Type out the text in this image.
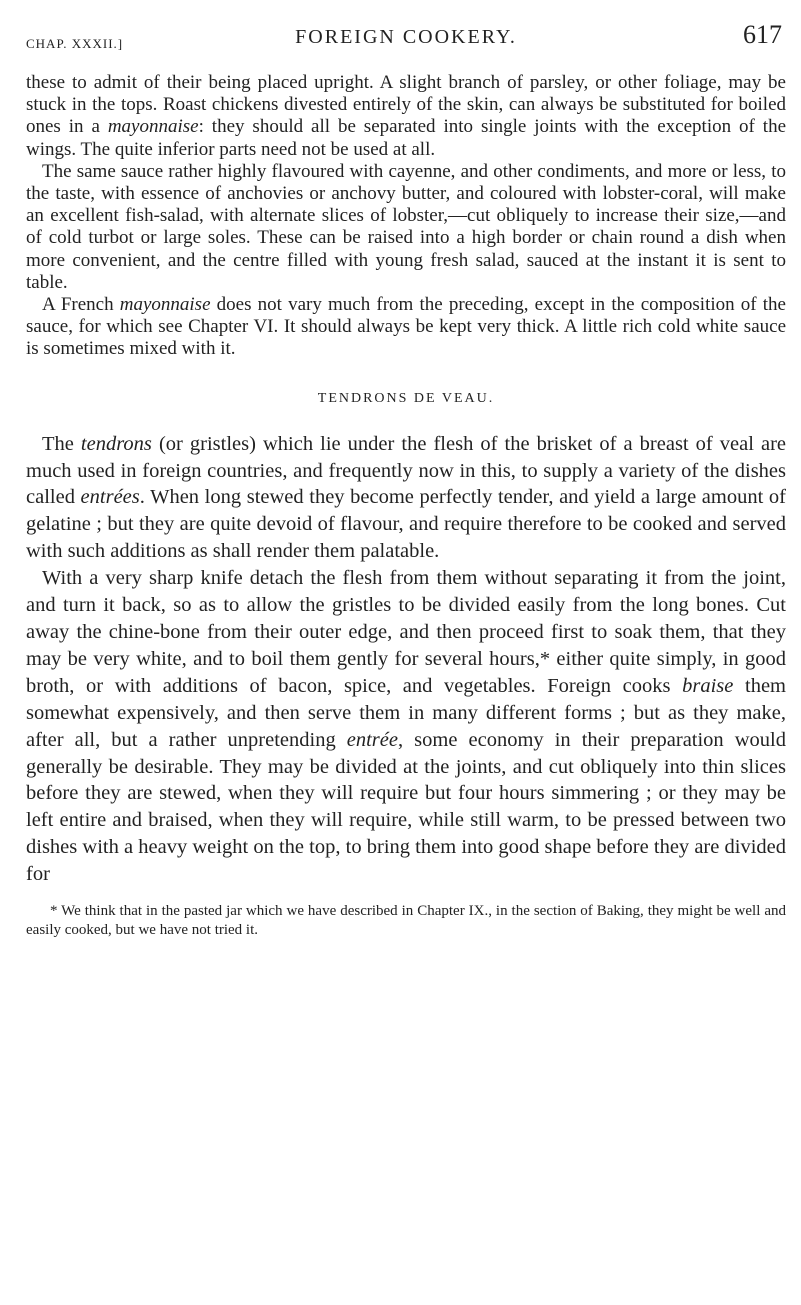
CHAP. XXXII.]	FOREIGN COOKERY.	617

these to admit of their being placed upright. A slight branch of parsley, or other foliage, may be stuck in the tops. Roast chickens divested entirely of the skin, can always be substituted for boiled ones in a mayonnaise: they should all be separated into single joints with the exception of the wings. The quite inferior parts need not be used at all.

The same sauce rather highly flavoured with cayenne, and other condiments, and more or less, to the taste, with essence of anchovies or anchovy butter, and coloured with lobster-coral, will make an excellent fish-salad, with alternate slices of lobster,—cut obliquely to increase their size,—and of cold turbot or large soles. These can be raised into a high border or chain round a dish when more convenient, and the centre filled with young fresh salad, sauced at the instant it is sent to table.

A French mayonnaise does not vary much from the preceding, except in the composition of the sauce, for which see Chapter VI. It should always be kept very thick. A little rich cold white sauce is sometimes mixed with it.

TENDRONS DE VEAU.

The tendrons (or gristles) which lie under the flesh of the brisket of a breast of veal are much used in foreign countries, and frequently now in this, to supply a variety of the dishes called entrées. When long stewed they become perfectly tender, and yield a large amount of gelatine ; but they are quite devoid of flavour, and require therefore to be cooked and served with such additions as shall render them palatable.

With a very sharp knife detach the flesh from them without separating it from the joint, and turn it back, so as to allow the gristles to be divided easily from the long bones. Cut away the chine-bone from their outer edge, and then proceed first to soak them, that they may be very white, and to boil them gently for several hours,* either quite simply, in good broth, or with additions of bacon, spice, and vegetables. Foreign cooks braise them somewhat expensively, and then serve them in many different forms ; but as they make, after all, but a rather unpretending entrée, some economy in their preparation would generally be desirable. They may be divided at the joints, and cut obliquely into thin slices before they are stewed, when they will require but four hours simmering ; or they may be left entire and braised, when they will require, while still warm, to be pressed between two dishes with a heavy weight on the top, to bring them into good shape before they are divided for

* We think that in the pasted jar which we have described in Chapter IX., in the section of Baking, they might be well and easily cooked, but we have not tried it.
